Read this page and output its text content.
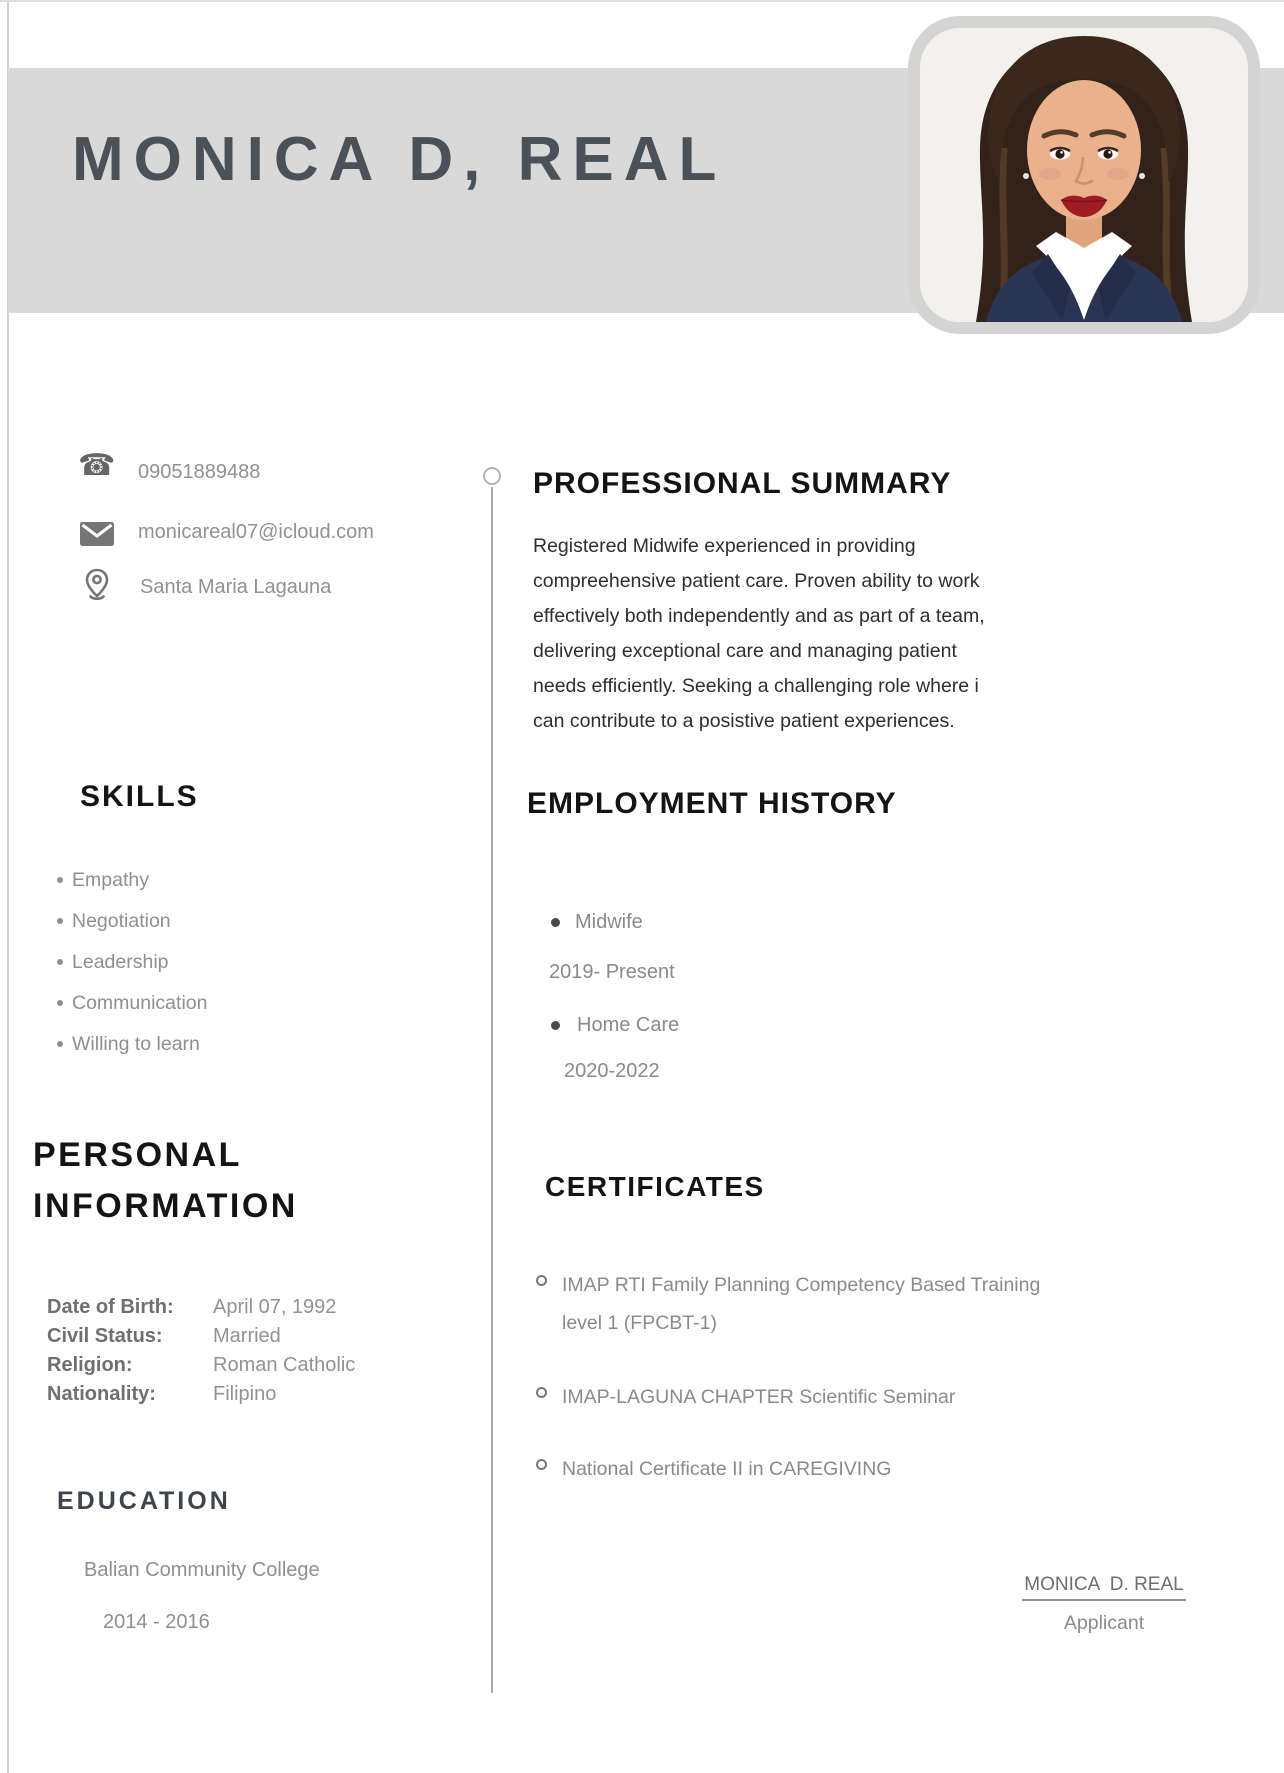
MONICA D, REAL
☎ 09051889488
monicareal07@icloud.com
Santa Maria Lagauna
PROFESSIONAL SUMMARY
Registered Midwife experienced in providing compreehensive patient care. Proven ability to work effectively both independently and as part of a team, delivering exceptional care and managing patient needs efficiently. Seeking a challenging role where i can contribute to a posistive patient experiences.
EMPLOYMENT HISTORY
Midwife
2019- Present
Home Care
2020-2022
CERTIFICATES
IMAP RTI Family Planning Competency Based Training level 1 (FPCBT-1)
IMAP-LAGUNA CHAPTER Scientific Seminar
National Certificate II in CAREGIVING
SKILLS
Empathy
Negotiation
Leadership
Communication
Willing to learn
PERSONAL INFORMATION
Date of Birth:	April 07, 1992
Civil Status:	Married
Religion:	Roman Catholic
Nationality:	Filipino
EDUCATION
Balian Community College
2014 - 2016
MONICA  D. REAL
Applicant
